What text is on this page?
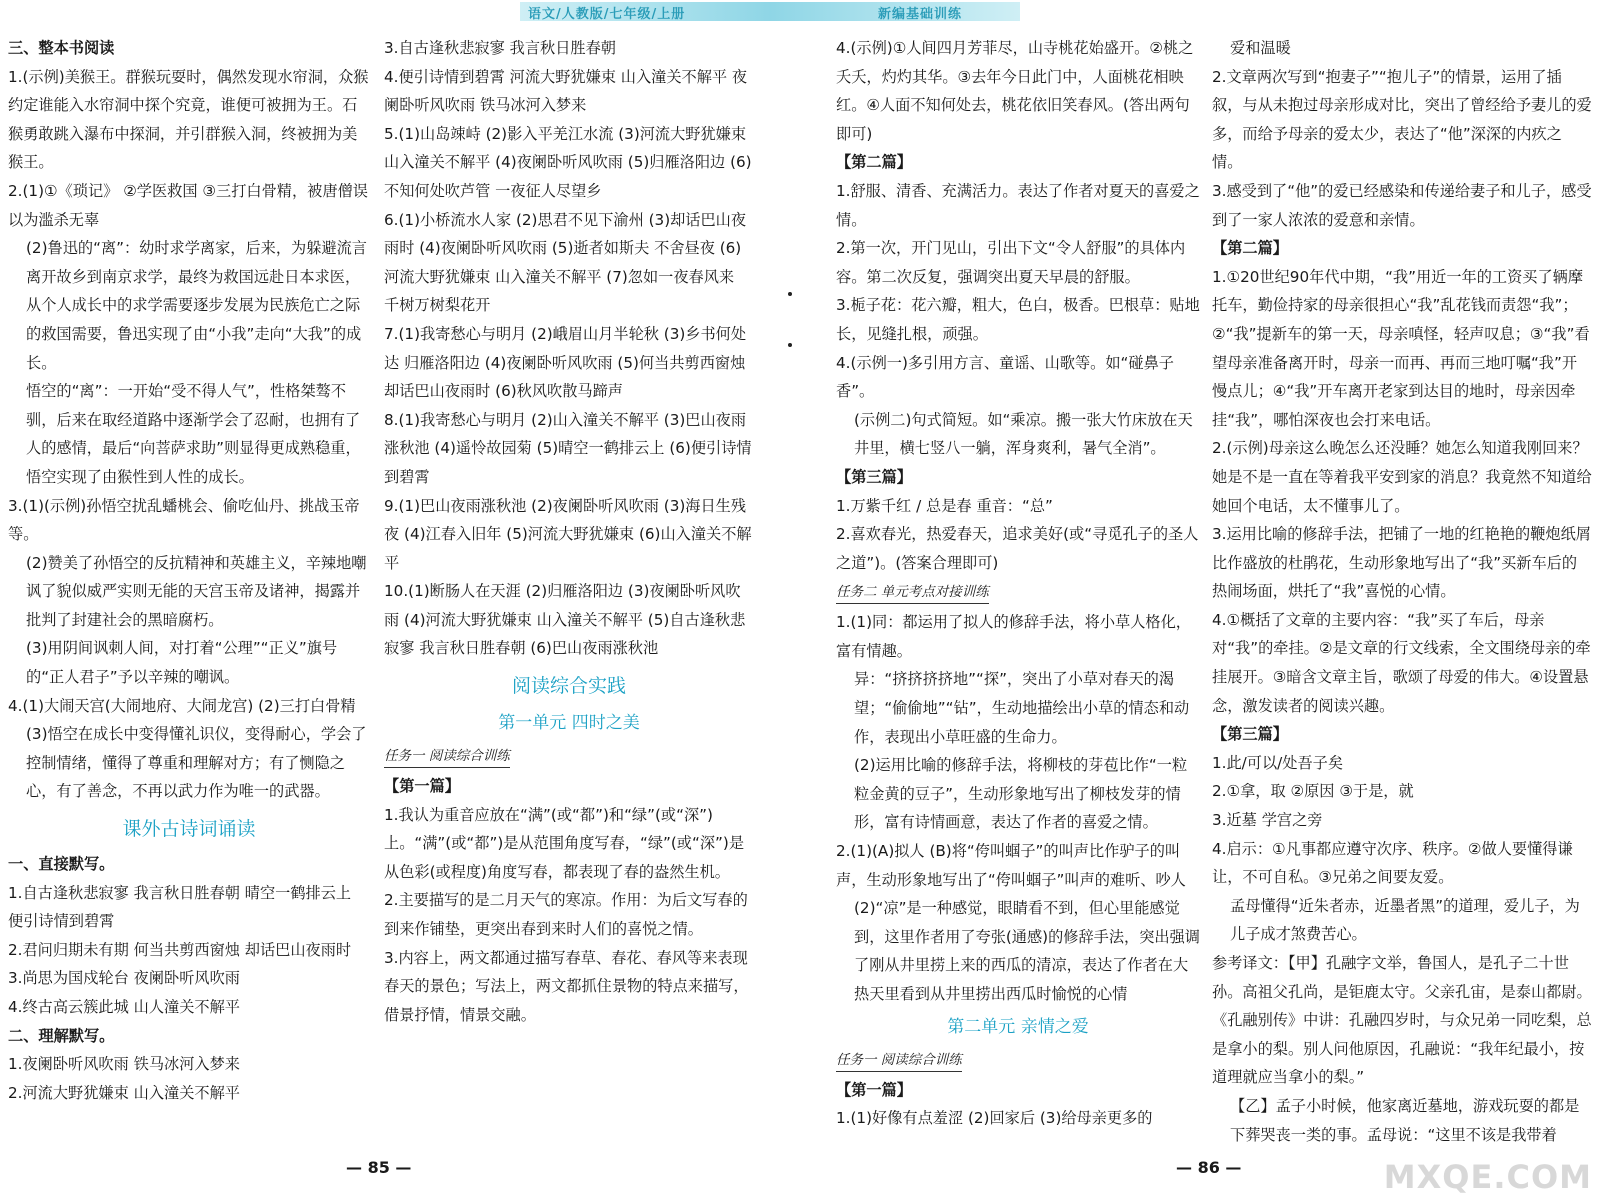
语文/人教版/七年级/上册	新编基础训练

三、整本书阅读

1.(示例)美猴王。群猴玩耍时，偶然发现水帘洞，众猴约定谁能入水帘洞中探个究竟，谁便可被拥为王。石猴勇敢跳入瀑布中探洞，并引群猴入洞，终被拥为美猴王。

2.(1)①《琐记》 ②学医救国 ③三打白骨精，被唐僧误以为滥杀无辜

(2)鲁迅的“离”：幼时求学离家，后来，为躲避流言离开故乡到南京求学，最终为救国远赴日本求医，从个人成长中的求学需要逐步发展为民族危亡之际的救国需要，鲁迅实现了由“小我”走向“大我”的成长。

悟空的“离”：一开始“受不得人气”，性格桀骜不驯，后来在取经道路中逐渐学会了忍耐，也拥有了人的感情，最后“向菩萨求助”则显得更成熟稳重，悟空实现了由猴性到人性的成长。

3.(1)(示例)孙悟空扰乱蟠桃会、偷吃仙丹、挑战玉帝等。

(2)赞美了孙悟空的反抗精神和英雄主义，辛辣地嘲讽了貌似威严实则无能的天宫玉帝及诸神，揭露并批判了封建社会的黑暗腐朽。

(3)用阴间讽刺人间，对打着“公理”“正义”旗号的“正人君子”予以辛辣的嘲讽。

4.(1)大闹天宫(大闹地府、大闹龙宫) (2)三打白骨精

(3)悟空在成长中变得懂礼识仪，变得耐心，学会了控制情绪，懂得了尊重和理解对方；有了恻隐之心，有了善念，不再以武力作为唯一的武器。

课外古诗词诵读

一、直接默写。

1.自古逢秋悲寂寥 我言秋日胜春朝 晴空一鹤排云上 便引诗情到碧霄

2.君问归期未有期 何当共剪西窗烛 却话巴山夜雨时

3.尚思为国戍轮台 夜阑卧听风吹雨

4.终古高云簇此城 山人潼关不解平

二、理解默写。

1.夜阑卧听风吹雨 铁马冰河入梦来

2.河流大野犹嫌束 山入潼关不解平

3.自古逢秋悲寂寥 我言秋日胜春朝

4.便引诗情到碧霄 河流大野犹嫌束 山入潼关不解平 夜阑卧听风吹雨 铁马冰河入梦来

5.(1)山岛竦峙 (2)影入平羌江水流 (3)河流大野犹嫌束 山入潼关不解平 (4)夜阑卧听风吹雨 (5)归雁洛阳边 (6)不知何处吹芦管 一夜征人尽望乡

6.(1)小桥流水人家 (2)思君不见下渝州 (3)却话巴山夜雨时 (4)夜阑卧听风吹雨 (5)逝者如斯夫 不舍昼夜 (6)河流大野犹嫌束 山入潼关不解平 (7)忽如一夜春风来 千树万树梨花开

7.(1)我寄愁心与明月 (2)峨眉山月半轮秋 (3)乡书何处达 归雁洛阳边 (4)夜阑卧听风吹雨 (5)何当共剪西窗烛 却话巴山夜雨时 (6)秋风吹散马蹄声

8.(1)我寄愁心与明月 (2)山入潼关不解平 (3)巴山夜雨涨秋池 (4)遥怜故园菊 (5)晴空一鹤排云上 (6)便引诗情到碧霄

9.(1)巴山夜雨涨秋池 (2)夜阑卧听风吹雨 (3)海日生残夜 (4)江春入旧年 (5)河流大野犹嫌束 (6)山入潼关不解平

10.(1)断肠人在天涯 (2)归雁洛阳边 (3)夜阑卧听风吹雨 (4)河流大野犹嫌束 山入潼关不解平 (5)自古逢秋悲寂寥 我言秋日胜春朝 (6)巴山夜雨涨秋池

阅读综合实践
第一单元 四时之美
任务一 阅读综合训练

【第一篇】

1.我认为重音应放在“满”(或“都”)和“绿”(或“深”)上。“满”(或“都”)是从范围角度写春，“绿”(或“深”)是从色彩(或程度)角度写春，都表现了春的盎然生机。

2.主要描写的是二月天气的寒凉。作用：为后文写春的到来作铺垫，更突出春到来时人们的喜悦之情。

3.内容上，两文都通过描写春草、春花、春风等来表现春天的景色；写法上，两文都抓住景物的特点来描写，借景抒情，情景交融。

— 85 —

4.(示例)①人间四月芳菲尽，山寺桃花始盛开。②桃之夭夭，灼灼其华。③去年今日此门中，人面桃花相映红。④人面不知何处去，桃花依旧笑春风。(答出两句即可)

【第二篇】

1.舒服、清香、充满活力。表达了作者对夏天的喜爱之情。

2.第一次，开门见山，引出下文“令人舒服”的具体内容。第二次反复，强调突出夏天早晨的舒服。

3.栀子花：花六瓣，粗大，色白，极香。巴根草：贴地长，见缝扎根，顽强。

4.(示例一)多引用方言、童谣、山歌等。如“碰鼻子香”。

(示例二)句式简短。如“乘凉。搬一张大竹床放在天井里，横七竖八一躺，浑身爽利，暑气全消”。

【第三篇】

1.万紫千红 / 总是春 重音：“总”

2.喜欢春光，热爱春天，追求美好(或“寻觅孔子的圣人之道”)。(答案合理即可)

任务二 单元考点对接训练

1.(1)同：都运用了拟人的修辞手法，将小草人格化，富有情趣。

异：“挤挤挤挤地”“探”，突出了小草对春天的渴望；“偷偷地”“钻”，生动地描绘出小草的情态和动作，表现出小草旺盛的生命力。

(2)运用比喻的修辞手法，将柳枝的芽苞比作“一粒粒金黄的豆子”，生动形象地写出了柳枝发芽的情形，富有诗情画意，表达了作者的喜爱之情。

2.(1)(A)拟人 (B)将“侉叫蝈子”的叫声比作驴子的叫声，生动形象地写出了“侉叫蝈子”叫声的难听、吵人

(2)“凉”是一种感觉，眼睛看不到，但心里能感觉到，这里作者用了夸张(通感)的修辞手法，突出强调了刚从井里捞上来的西瓜的清凉，表达了作者在大热天里看到从井里捞出西瓜时愉悦的心情

第二单元 亲情之爱
任务一 阅读综合训练

【第一篇】

1.(1)好像有点羞涩 (2)回家后 (3)给母亲更多的

爱和温暖

2.文章两次写到“抱妻子”“抱儿子”的情景，运用了插叙，与从未抱过母亲形成对比，突出了曾经给予妻儿的爱多，而给予母亲的爱太少，表达了“他”深深的内疚之情。

3.感受到了“他”的爱已经感染和传递给妻子和儿子，感受到了一家人浓浓的爱意和亲情。

【第二篇】

1.①20世纪90年代中期，“我”用近一年的工资买了辆摩托车，勤俭持家的母亲很担心“我”乱花钱而责怨“我”；②“我”提新车的第一天，母亲嗔怪，轻声叹息；③“我”看望母亲准备离开时，母亲一而再、再而三地叮嘱“我”开慢点儿；④“我”开车离开老家到达目的地时，母亲因牵挂“我”，哪怕深夜也会打来电话。

2.(示例)母亲这么晚怎么还没睡？她怎么知道我刚回来？她是不是一直在等着我平安到家的消息？我竟然不知道给她回个电话，太不懂事儿了。

3.运用比喻的修辞手法，把铺了一地的红艳艳的鞭炮纸屑比作盛放的杜鹃花，生动形象地写出了“我”买新车后的热闹场面，烘托了“我”喜悦的心情。

4.①概括了文章的主要内容：“我”买了车后，母亲对“我”的牵挂。②是文章的行文线索，全文围绕母亲的牵挂展开。③暗含文章主旨，歌颂了母爱的伟大。④设置悬念，激发读者的阅读兴趣。

【第三篇】

1.此/可以/处吾子矣

2.①拿，取 ②原因 ③于是，就

3.近墓 学宫之旁

4.启示：①凡事都应遵守次序、秩序。②做人要懂得谦让，不可自私。③兄弟之间要友爱。

孟母懂得“近朱者赤，近墨者黑”的道理，爱儿子，为儿子成才煞费苦心。

参考译文：【甲】孔融字文举，鲁国人，是孔子二十世孙。高祖父孔尚，是钜鹿太守。父亲孔宙，是泰山都尉。《孔融别传》中讲：孔融四岁时，与众兄弟一同吃梨，总是拿小的梨。别人问他原因，孔融说：“我年纪最小，按道理就应当拿小的梨。”

【乙】孟子小时候，他家离近墓地，游戏玩耍的都是下葬哭丧一类的事。孟母说：“这里不该是我带着

— 86 —	MXQE.COM
